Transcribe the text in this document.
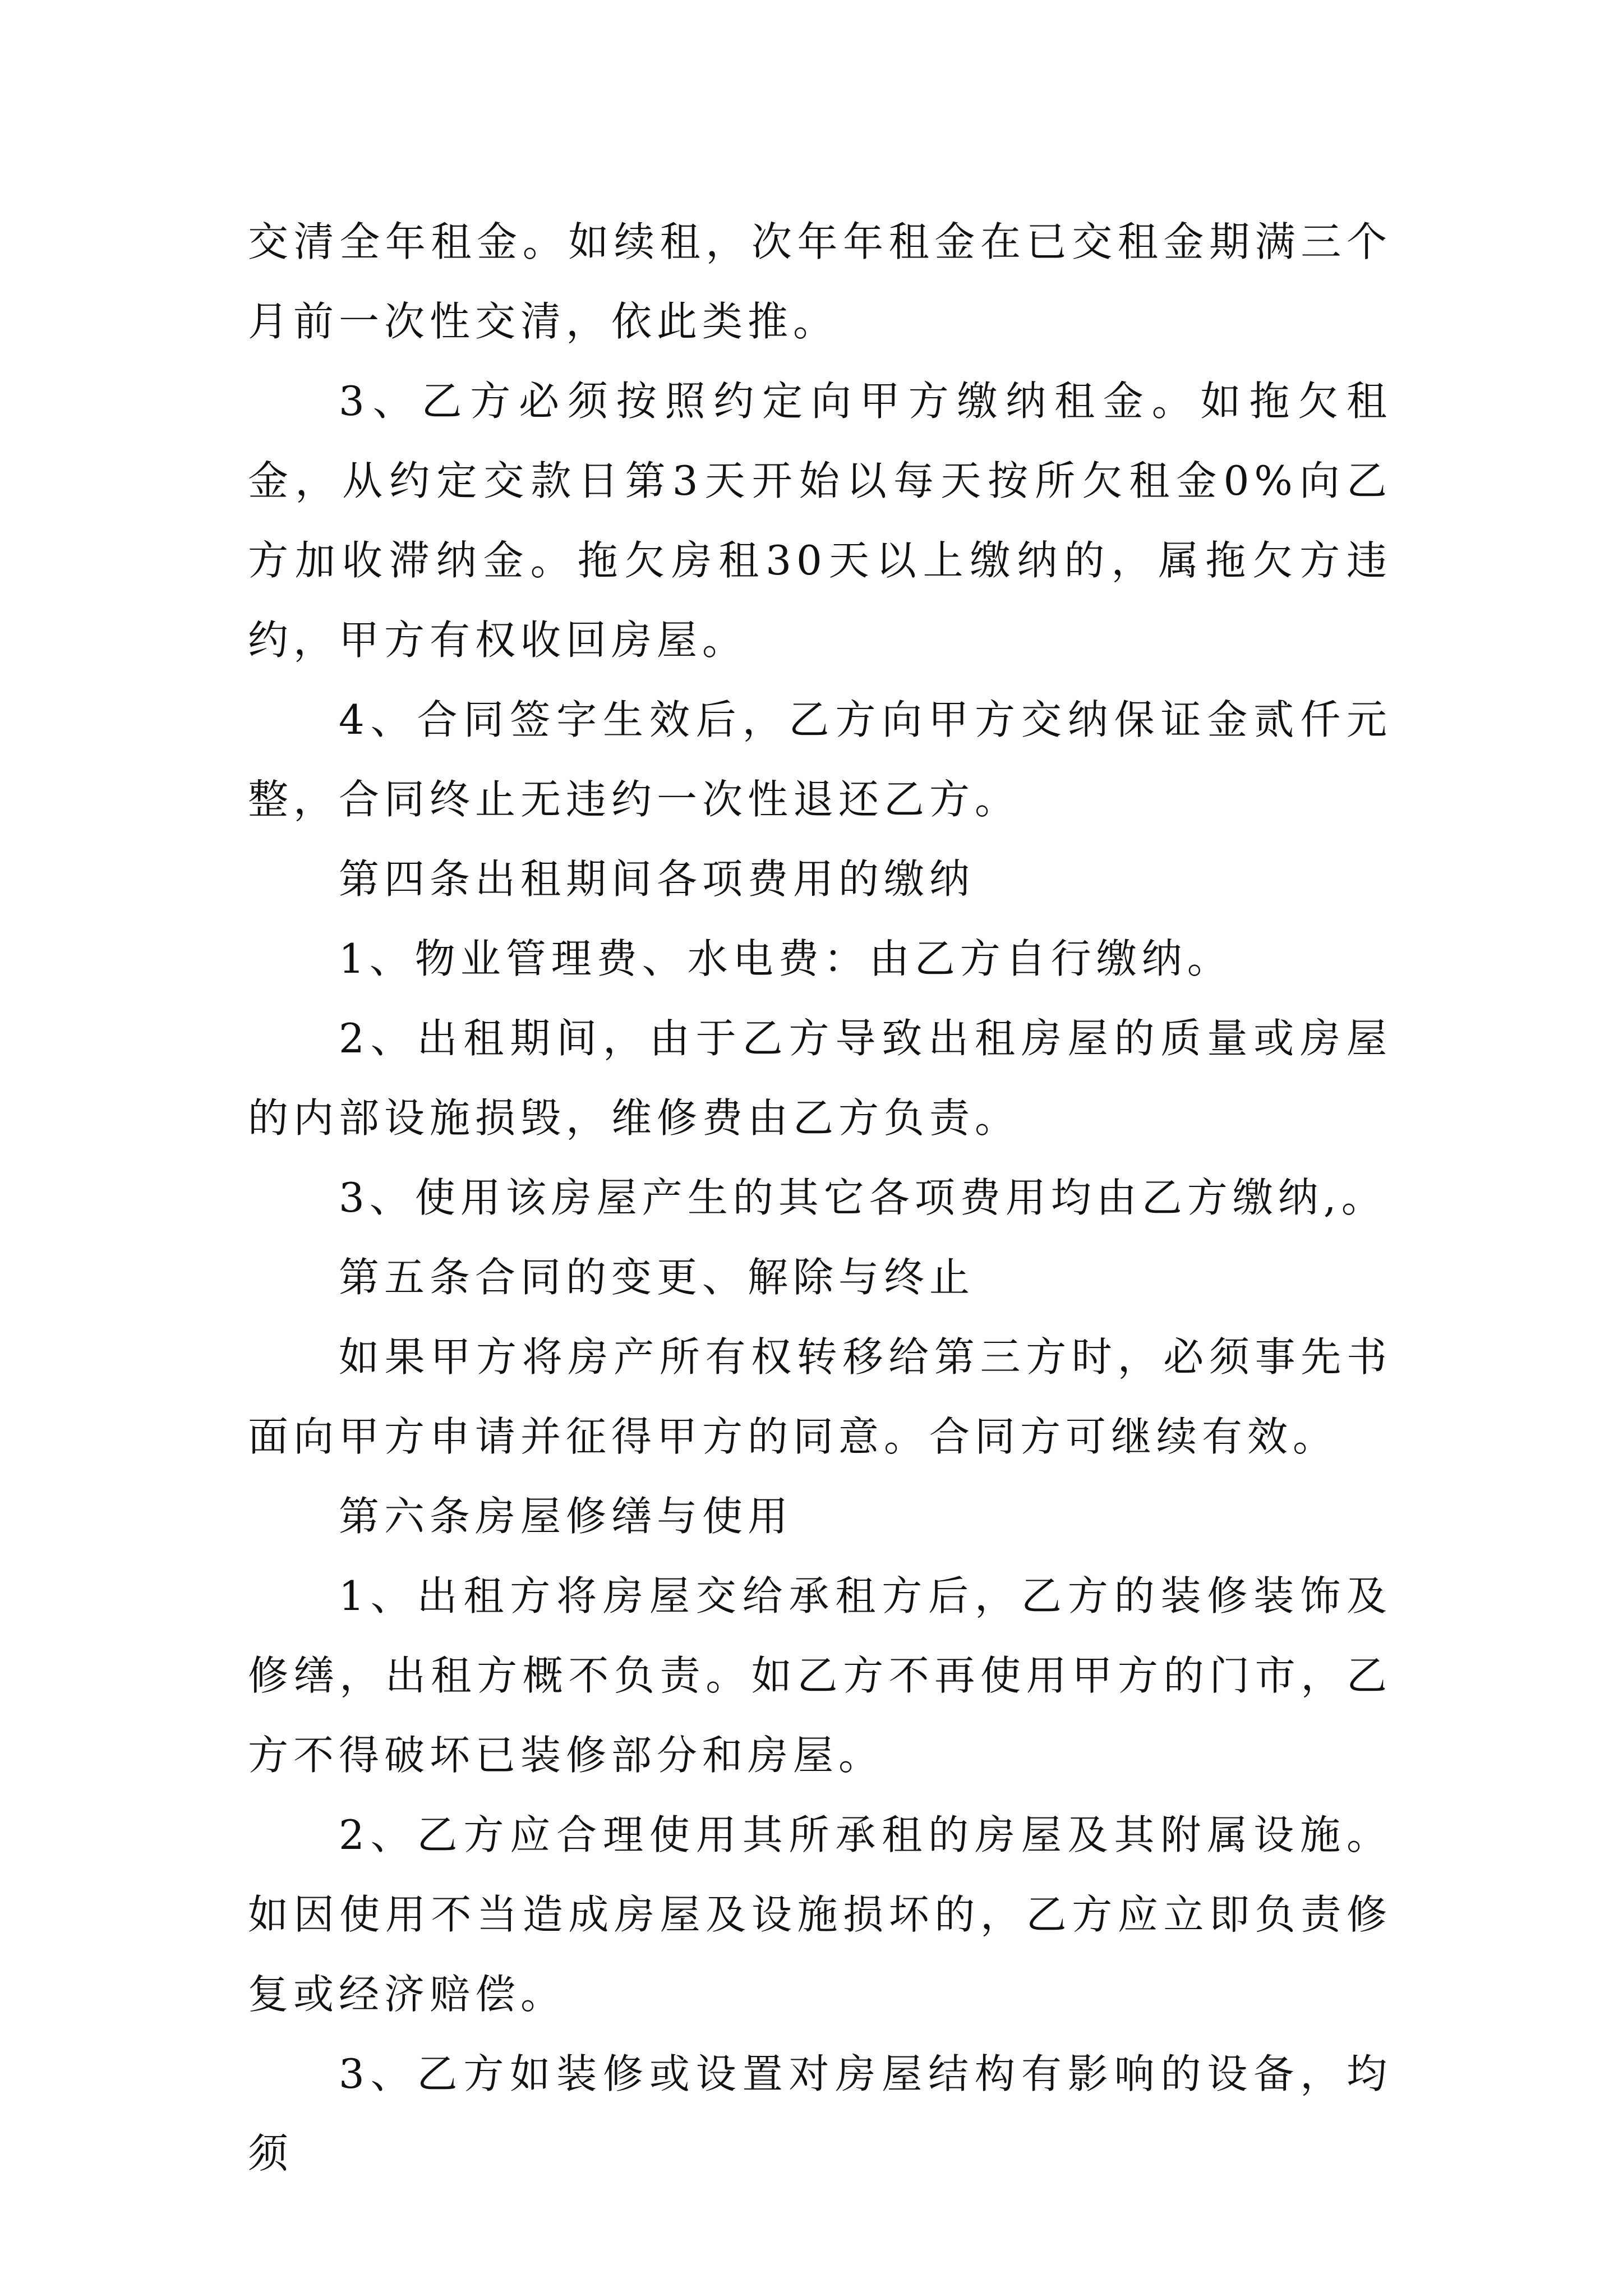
交清全年租金。如续租，次年年租金在已交租金期满三个月前一次性交清，依此类推。

3、乙方必须按照约定向甲方缴纳租金。如拖欠租金，从约定交款日第3天开始以每天按所欠租金0%向乙方加收滞纳金。拖欠房租30天以上缴纳的，属拖欠方违约，甲方有权收回房屋。

4、合同签字生效后，乙方向甲方交纳保证金贰仟元整，合同终止无违约一次性退还乙方。

第四条出租期间各项费用的缴纳

1、物业管理费、水电费：由乙方自行缴纳。

2、出租期间，由于乙方导致出租房屋的质量或房屋的内部设施损毁，维修费由乙方负责。

3、使用该房屋产生的其它各项费用均由乙方缴纳,。

第五条合同的变更、解除与终止

如果甲方将房产所有权转移给第三方时，必须事先书面向甲方申请并征得甲方的同意。合同方可继续有效。

第六条房屋修缮与使用

1、出租方将房屋交给承租方后，乙方的装修装饰及修缮，出租方概不负责。如乙方不再使用甲方的门市，乙方不得破坏已装修部分和房屋。

2、乙方应合理使用其所承租的房屋及其附属设施。如因使用不当造成房屋及设施损坏的，乙方应立即负责修复或经济赔偿。

3、乙方如装修或设置对房屋结构有影响的设备，均须
